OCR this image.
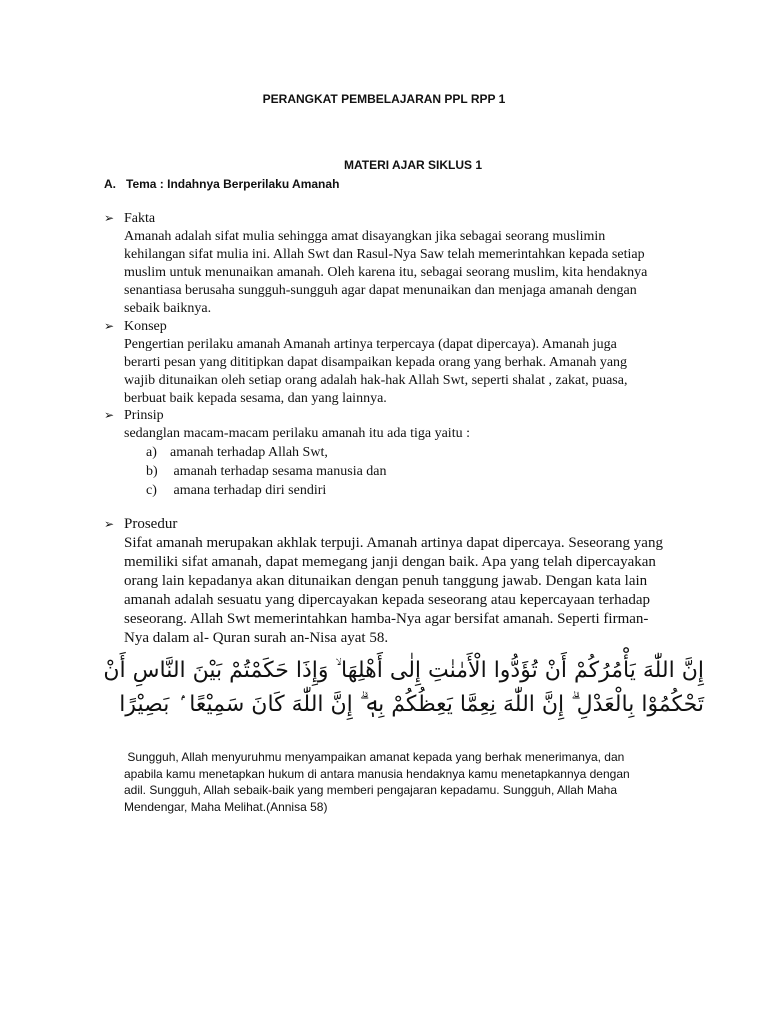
PERANGKAT PEMBELAJARAN PPL RPP 1
MATERI AJAR SIKLUS 1
A. Tema : Indahnya Berperilaku Amanah
➢ Fakta
Amanah adalah sifat mulia sehingga amat disayangkan jika sebagai seorang muslimin
kehilangan sifat mulia ini. Allah Swt dan Rasul-Nya Saw telah memerintahkan kepada setiap
muslim untuk menunaikan amanah. Oleh karena itu, sebagai seorang muslim, kita hendaknya
senantiasa berusaha sungguh-sungguh agar dapat menunaikan dan menjaga amanah dengan
sebaik baiknya.
➢ Konsep
Pengertian perilaku amanah Amanah artinya terpercaya (dapat dipercaya). Amanah juga
berarti pesan yang dititipkan dapat disampaikan kepada orang yang berhak. Amanah yang
wajib ditunaikan oleh setiap orang adalah hak-hak Allah Swt, seperti shalat , zakat, puasa,
berbuat baik kepada sesama, dan yang lainnya.
➢ Prinsip
sedanglan macam-macam perilaku amanah itu ada tiga yaitu :
a) amanah terhadap Allah Swt,
b) amanah terhadap sesama manusia dan
c) amana terhadap diri sendiri
➢ Prosedur
Sifat amanah merupakan akhlak terpuji. Amanah artinya dapat dipercaya. Seseorang yang
memiliki sifat amanah, dapat memegang janji dengan baik. Apa yang telah dipercayakan
orang lain kepadanya akan ditunaikan dengan penuh tanggung jawab. Dengan kata lain
amanah adalah sesuatu yang dipercayakan kepada seseorang atau kepercayaan terhadap
seseorang. Allah Swt memerintahkan hamba-Nya agar bersifat amanah. Seperti firman-
Nya dalam al- Quran surah an-Nisa ayat 58.
إِنَّ اللّٰهَ يَأْمُرُكُمْ أَنْ تُؤَدُّوا الْأَمٰنٰتِ إِلٰى أَهْلِهَا ۙ وَإِذَا حَكَمْتُمْ بَيْنَ النَّاسِ أَنْ
تَحْكُمُوْا بِالْعَدْلِ ۗ إِنَّ اللّٰهَ نِعِمَّا يَعِظُكُمْ بِهٖ ۗ إِنَّ اللّٰهَ كَانَ سَمِيْعًا ۢ بَصِيْرًا
Sungguh, Allah menyuruhmu menyampaikan amanat kepada yang berhak menerimanya, dan
apabila kamu menetapkan hukum di antara manusia hendaknya kamu menetapkannya dengan
adil. Sungguh, Allah sebaik-baik yang memberi pengajaran kepadamu. Sungguh, Allah Maha
Mendengar, Maha Melihat.(Annisa 58)
